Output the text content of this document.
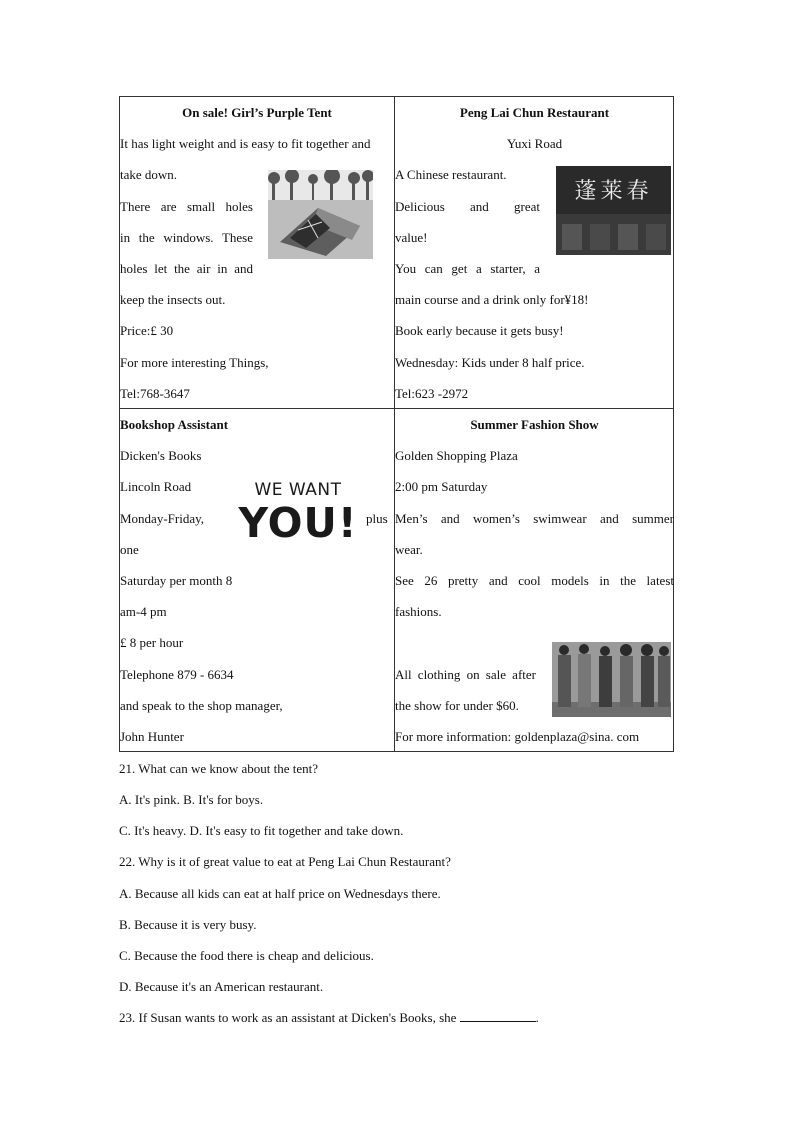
On sale! Girl’s Purple Tent
It has light weight and is easy to fit together and
take down.
There are small holes
in the windows. These
holes let the air in and
keep the insects out.
Price:£ 30
For more interesting Things,
Tel:768-3647
Peng Lai Chun Restaurant
Yuxi Road
A Chinese restaurant.
Delicious and great
value!
You can get a starter, a
main course and a drink only for¥18!
Book early because it gets busy!
Wednesday: Kids under 8 half price.
Tel:623 -2972
蓬莱春
Bookshop Assistant
Dicken's Books
Lincoln Road
Monday-Friday,	plus
one
Saturday per month 8
am-4 pm
£ 8 per hour
Telephone 879 - 6634
and speak to the shop manager,
John Hunter
WE WANT
YOU!
Summer Fashion Show
Golden Shopping Plaza
2:00 pm Saturday
Men’s and women’s swimwear and summer
wear.
See 26 pretty and cool models in the latest
fashions.
All clothing on sale after
the show for under $60.
For more information: goldenplaza@sina. com
21. What can we know about the tent?
A. It's pink. B. It's for boys.
C. It's heavy. D. It's easy to fit together and take down.
22. Why is it of great value to eat at Peng Lai Chun Restaurant?
A. Because all kids can eat at half price on Wednesdays there.
B. Because it is very busy.
C. Because the food there is cheap and delicious.
D. Because it's an American restaurant.
23. If Susan wants to work as an assistant at Dicken's Books, she	.
